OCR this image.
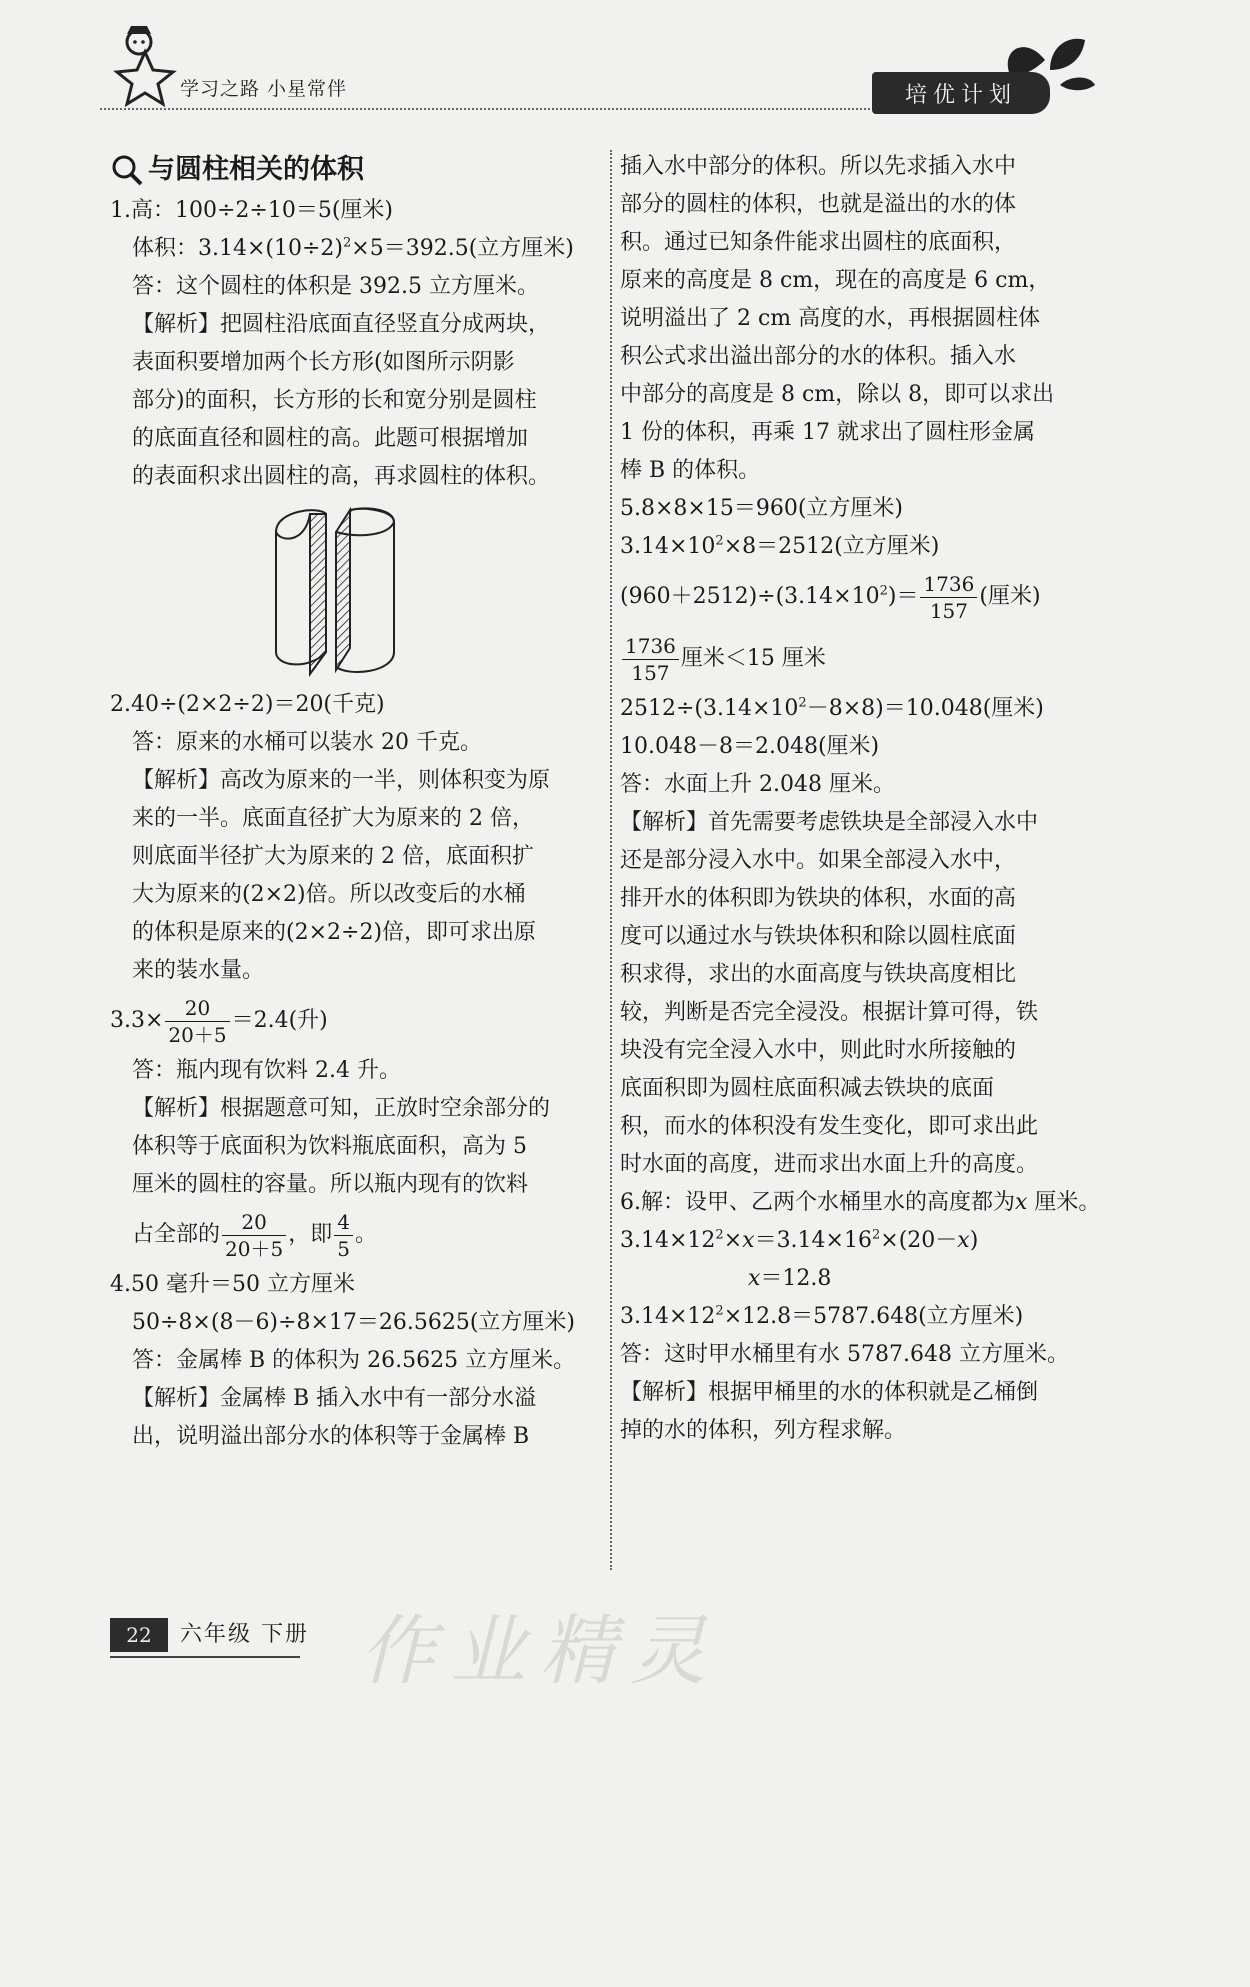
学习之路 小星常伴	培优计划
与圆柱相关的体积
1.高：100÷2÷10＝5(厘米)
体积：$3.14\times(10\div 2)^2\times 5=392.5$(立方厘米)
答：这个圆柱的体积是 392.5 立方厘米。
【解析】把圆柱沿底面直径竖直分成两块，
表面积要增加两个长方形(如图所示阴影
部分)的面积，长方形的长和宽分别是圆柱
的底面直径和圆柱的高。此题可根据增加
的表面积求出圆柱的高，再求圆柱的体积。
2.40÷(2×2÷2)＝20(千克)
答：原来的水桶可以装水 20 千克。
【解析】高改为原来的一半，则体积变为原
来的一半。底面直径扩大为原来的 2 倍，
则底面半径扩大为原来的 2 倍，底面积扩
大为原来的(2×2)倍。所以改变后的水桶
的体积是原来的(2×2÷2)倍，即可求出原
来的装水量。
$3.3\times \frac{20}{20+5} =2.4$(升)
答：瓶内现有饮料 2.4 升。
【解析】根据题意可知，正放时空余部分的
体积等于底面积为饮料瓶底面积，高为 5
厘米的圆柱的容量。所以瓶内现有的饮料
占全部的 $\frac{20}{20+5}$ ，即 $\frac{4}{5}$ 。
4.50 毫升＝50 立方厘米
50÷8×(8－6)÷8×17＝26.5625(立方厘米)
答：金属棒 B 的体积为 26.5625 立方厘米。
【解析】金属棒 B 插入水中有一部分水溢
出，说明溢出部分水的体积等于金属棒 B
插入水中部分的体积。所以先求插入水中
部分的圆柱的体积，也就是溢出的水的体
积。通过已知条件能求出圆柱的底面积，
原来的高度是 8 cm，现在的高度是 6 cm，
说明溢出了 2 cm 高度的水，再根据圆柱体
积公式求出溢出部分的水的体积。插入水
中部分的高度是 8 cm，除以 8，即可以求出
1 份的体积，再乘 17 就求出了圆柱形金属
棒 B 的体积。
5.8×8×15＝960(立方厘米)
$3.14\times 10^2\times 8=2512$(立方厘米)
$(960+2512)\div(3.14\times 10^2)= \frac{1736}{157}$ (厘米)
$\frac{1736}{157}$ 厘米＜15 厘米
$2512\div(3.14\times 10^2-8\times 8)=10.048$(厘米)
10.048－8＝2.048(厘米)
答：水面上升 2.048 厘米。
【解析】首先需要考虑铁块是全部浸入水中
还是部分浸入水中。如果全部浸入水中，
排开水的体积即为铁块的体积，水面的高
度可以通过水与铁块体积和除以圆柱底面
积求得，求出的水面高度与铁块高度相比
较，判断是否完全浸没。根据计算可得，铁
块没有完全浸入水中，则此时水所接触的
底面积即为圆柱底面积减去铁块的底面
积，而水的体积没有发生变化，即可求出此
时水面的高度，进而求出水面上升的高度。
6.解：设甲、乙两个水桶里水的高度都为x 厘米。
$3.14\times 12^2\times x=3.14\times 16^2\times(20-x)$
x＝12.8
$3.14\times 12^2\times 12.8=5787.648$(立方厘米)
答：这时甲水桶里有水 5787.648 立方厘米。
【解析】根据甲桶里的水的体积就是乙桶倒
掉的水的体积，列方程求解。
22	六年级 下册 作业精灵
